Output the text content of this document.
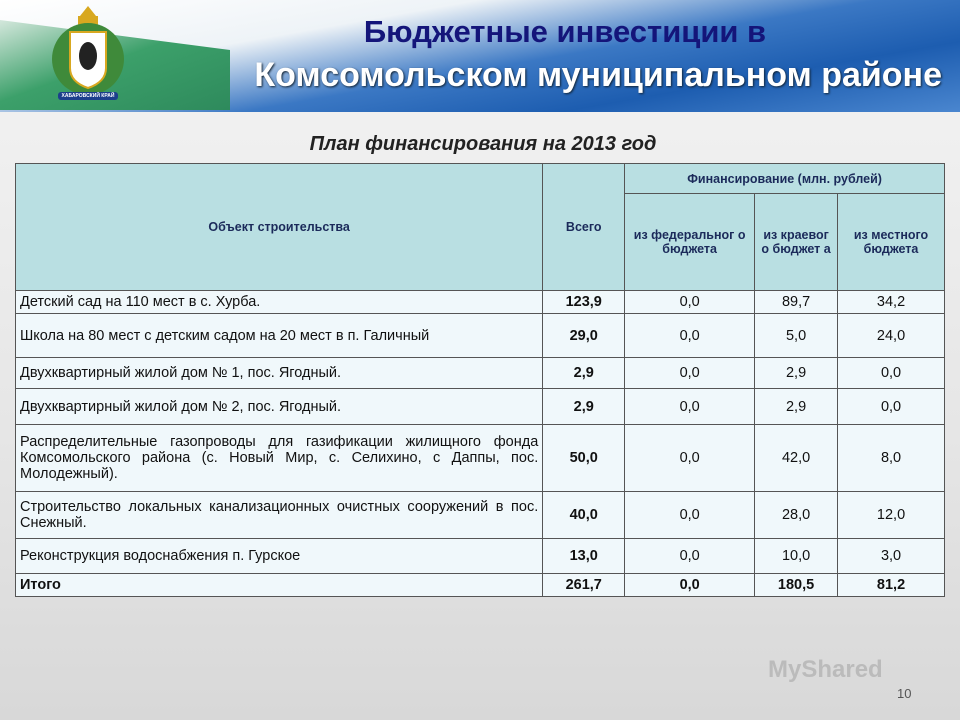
ХАБАРОВСКИЙ КРАЙ
Бюджетные инвестиции в
Комсомольском муниципальном районе
План финансирования на 2013 год
Объект строительства	Всего	Финансирование (млн. рублей)		
		из федеральног о бюджета	из краевог о бюджет а	из местного бюджета
Детский сад на 110 мест в с. Хурба.	123,9	0,0	89,7	34,2
Школа на 80 мест с детским садом на 20 мест в п. Галичный	29,0	0,0	5,0	24,0
Двухквартирный жилой дом № 1, пос. Ягодный.	2,9	0,0	2,9	0,0
Двухквартирный жилой дом № 2, пос. Ягодный.	2,9	0,0	2,9	0,0
Распределительные газопроводы для газификации жилищного фонда Комсомольского района (с. Новый Мир, с. Селихино, с Даппы, пос. Молодежный).	50,0	0,0	42,0	8,0
Строительство локальных канализационных очистных сооружений в пос. Снежный.	40,0	0,0	28,0	12,0
Реконструкция водоснабжения п. Гурское	13,0	0,0	10,0	3,0
Итого	261,7	0,0	180,5	81,2
MyShared
10
